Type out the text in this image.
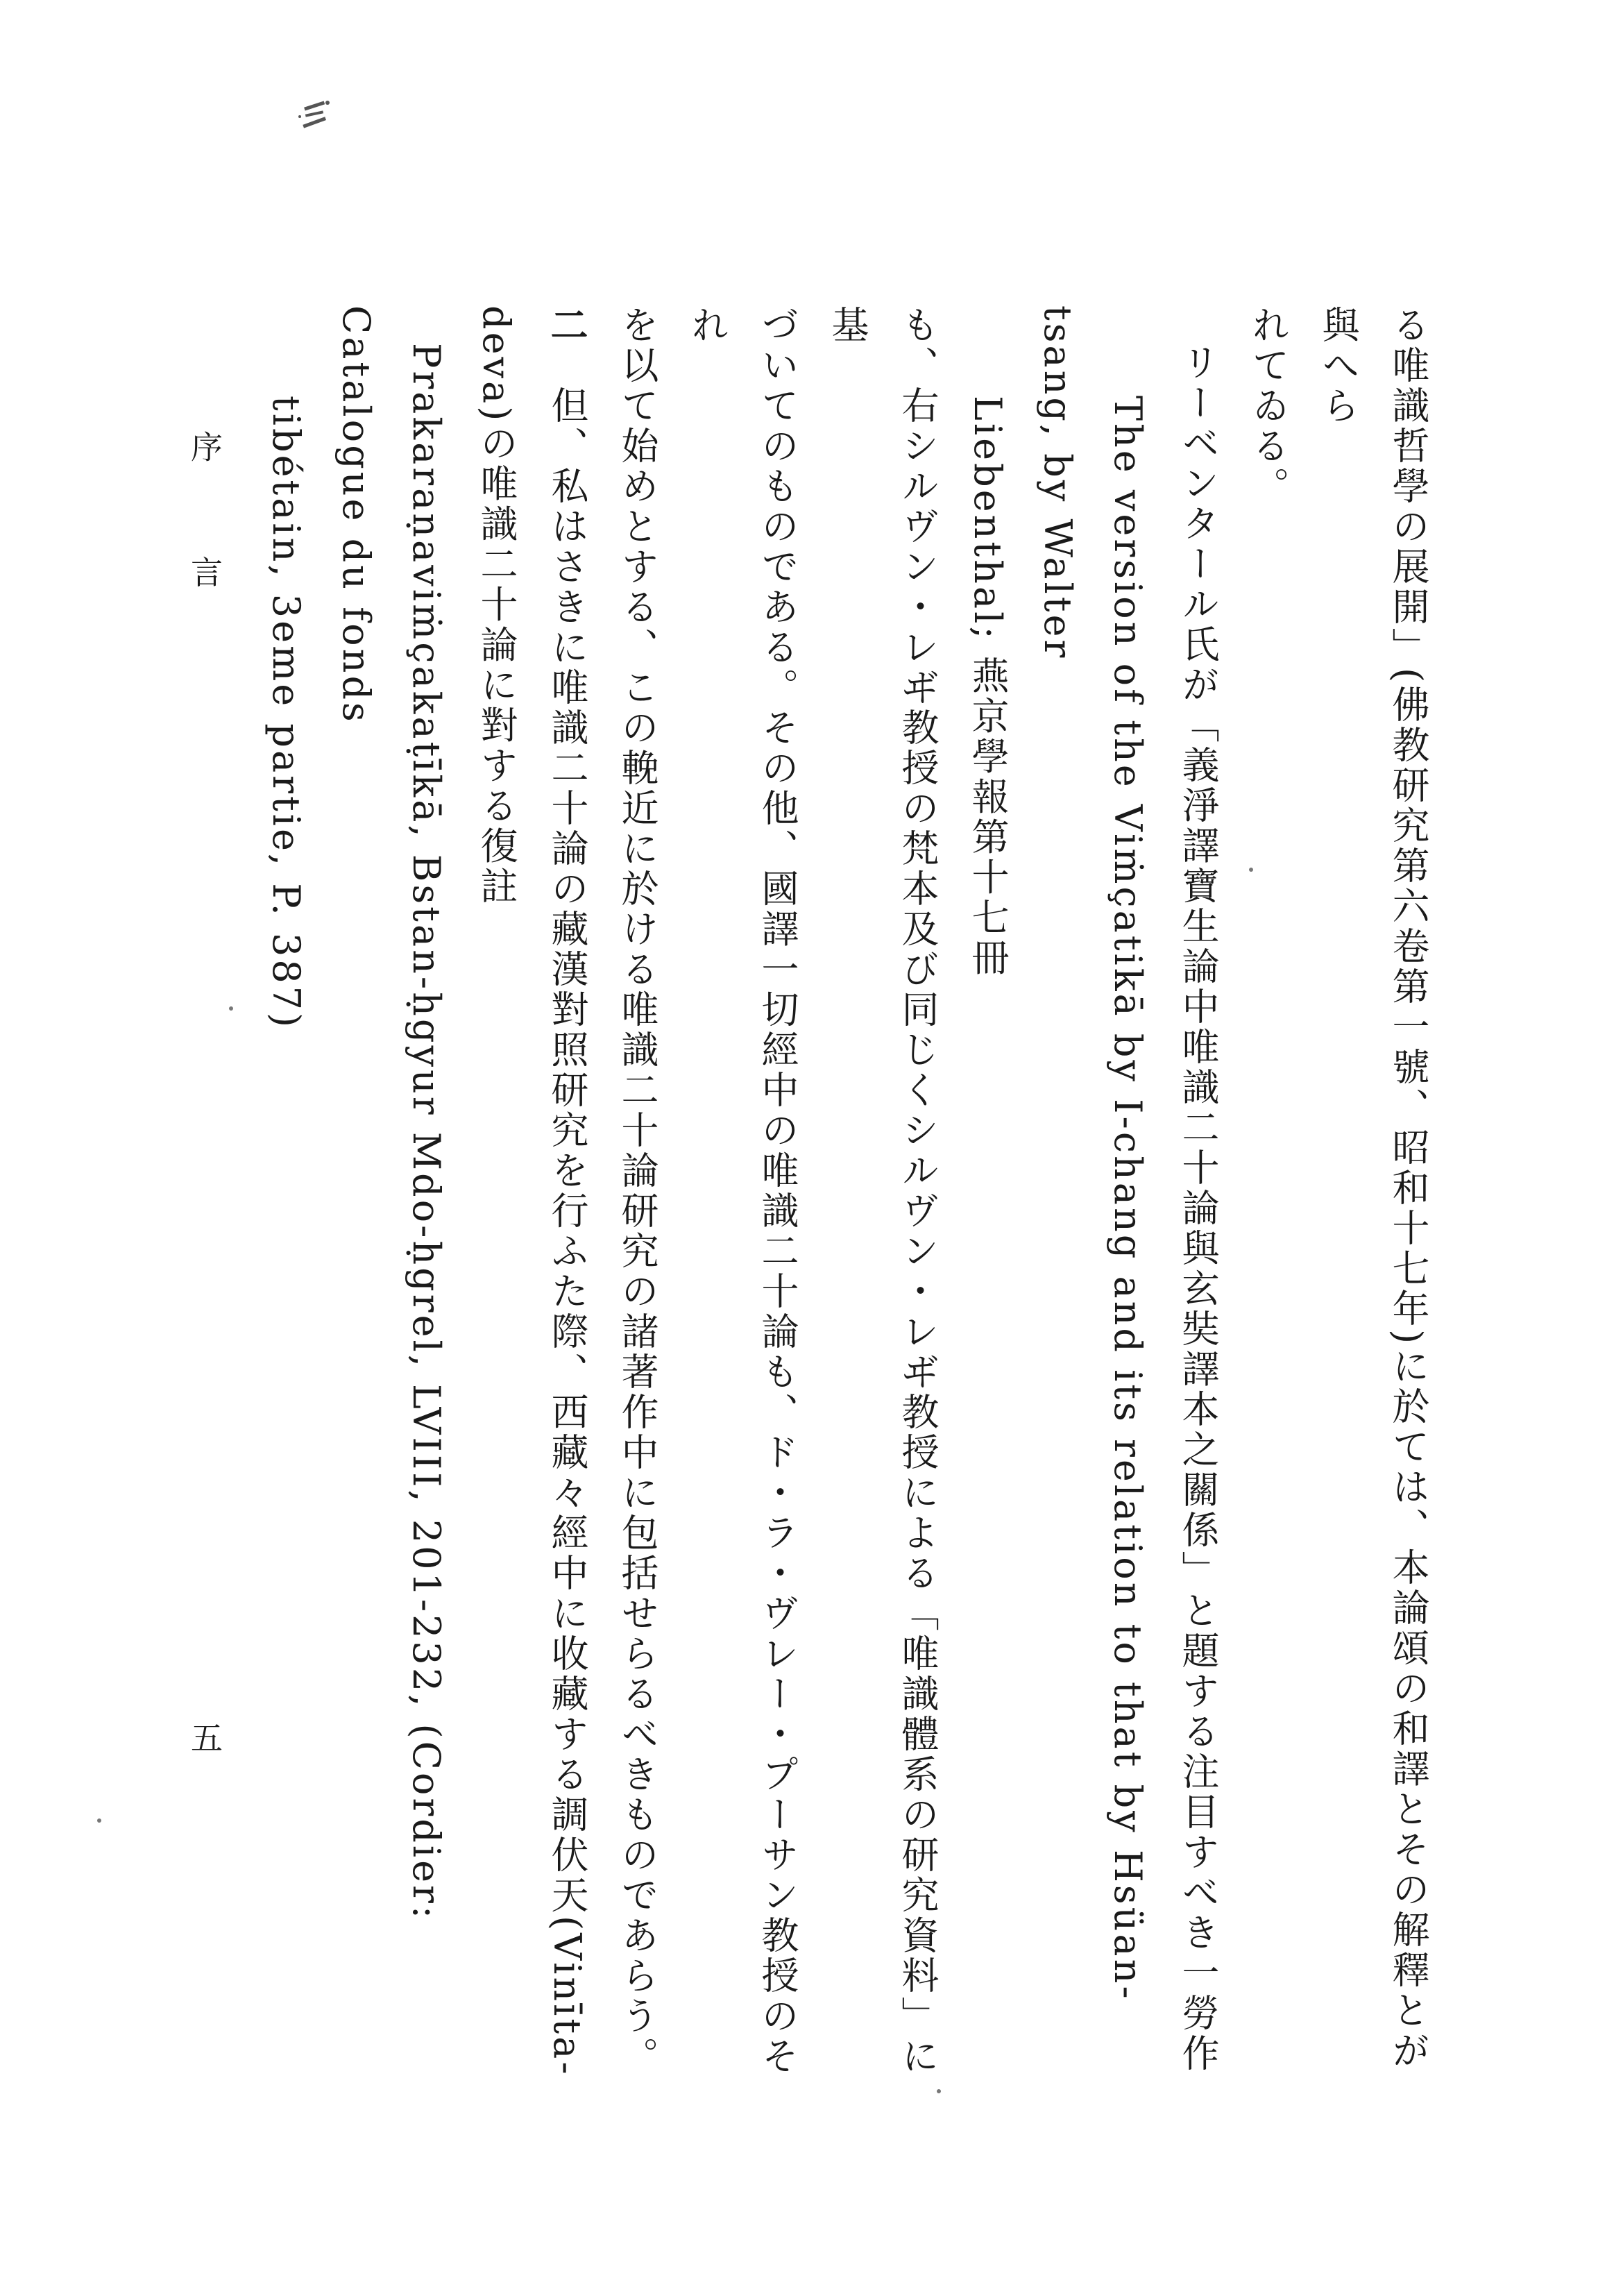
る唯識哲學の展開」(佛教研究第六卷第一號、昭和十七年)に於ては、本論頌の和譯とその解釋とが與へら

れてゐる。

リーベンタール氏が「義淨譯寶生論中唯識二十論與玄奘譯本之關係」と題する注目すべき一勞作

The version of the Viṁçatikā by I-chang and its relation to that by Hsüan-tsang, by Walter

Liebenthal; 燕京學報第十七冊

も、右シルヴン・レヸ教授の梵本及び同じくシルヴン・レヸ教授による「唯識體系の研究資料」に基

づいてのものである。その他、國譯一切經中の唯識二十論も、ド・ラ・ヴレー・プーサン教授のそれ

を以て始めとする、この輓近に於ける唯識二十論研究の諸著作中に包括せらるべきものであらう。

二　但、私はさきに唯識二十論の藏漢對照研究を行ふた際、西藏々經中に收藏する調伏天(Vinīta-

deva)の唯識二十論に對する復註

Prakaraṇaviṁçakaṭīkā, Bstan-ḥgyur Mdo-ḥgrel, LVIII, 201-232, (Cordier: Catalogue du fonds

tibétain, 3eme partie, P. 387)

序 言
五
